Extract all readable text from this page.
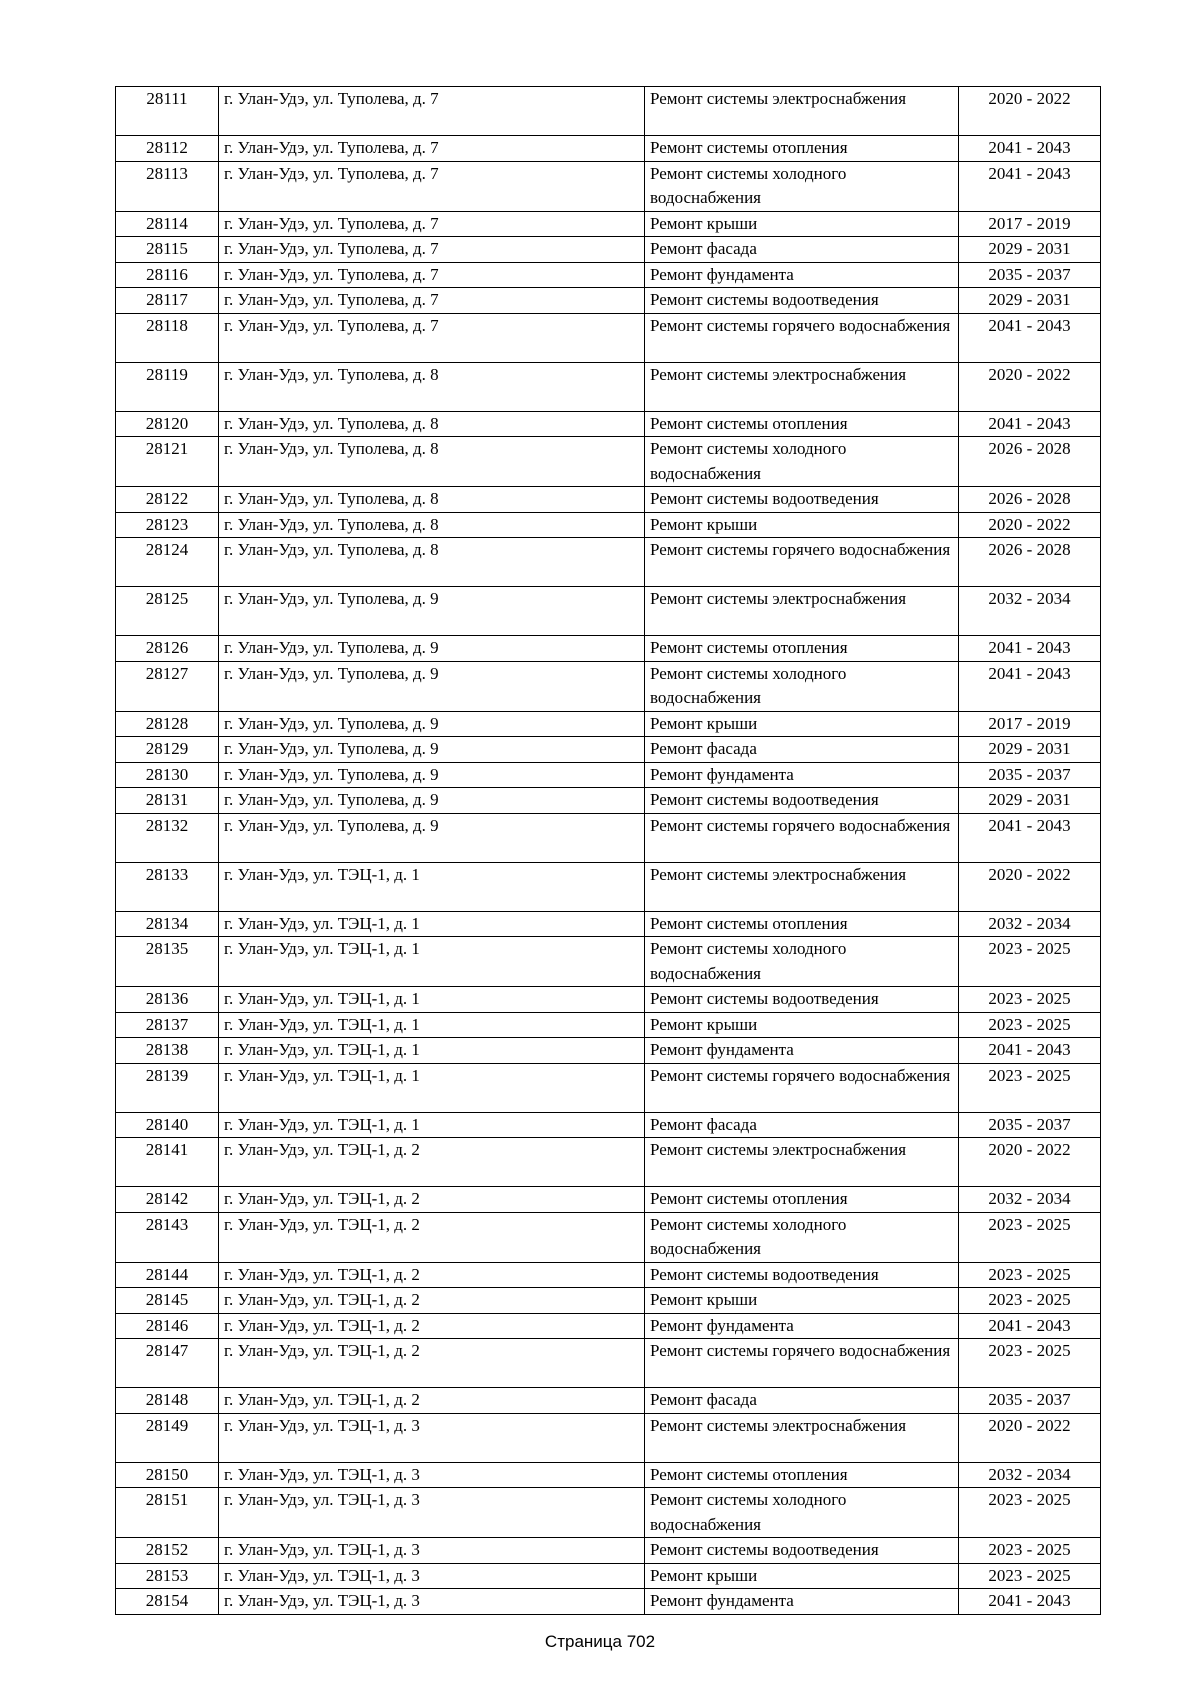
28111	г. Улан-Удэ, ул. Туполева, д. 7	Ремонт системы электроснабжения	2020 - 2022
28112	г. Улан-Удэ, ул. Туполева, д. 7	Ремонт системы отопления	2041 - 2043
28113	г. Улан-Удэ, ул. Туполева, д. 7	Ремонт системы холодного водоснабжения	2041 - 2043
28114	г. Улан-Удэ, ул. Туполева, д. 7	Ремонт крыши	2017 - 2019
28115	г. Улан-Удэ, ул. Туполева, д. 7	Ремонт фасада	2029 - 2031
28116	г. Улан-Удэ, ул. Туполева, д. 7	Ремонт фундамента	2035 - 2037
28117	г. Улан-Удэ, ул. Туполева, д. 7	Ремонт системы водоотведения	2029 - 2031
28118	г. Улан-Удэ, ул. Туполева, д. 7	Ремонт системы горячего водоснабжения	2041 - 2043
28119	г. Улан-Удэ, ул. Туполева, д. 8	Ремонт системы электроснабжения	2020 - 2022
28120	г. Улан-Удэ, ул. Туполева, д. 8	Ремонт системы отопления	2041 - 2043
28121	г. Улан-Удэ, ул. Туполева, д. 8	Ремонт системы холодного водоснабжения	2026 - 2028
28122	г. Улан-Удэ, ул. Туполева, д. 8	Ремонт системы водоотведения	2026 - 2028
28123	г. Улан-Удэ, ул. Туполева, д. 8	Ремонт крыши	2020 - 2022
28124	г. Улан-Удэ, ул. Туполева, д. 8	Ремонт системы горячего водоснабжения	2026 - 2028
28125	г. Улан-Удэ, ул. Туполева, д. 9	Ремонт системы электроснабжения	2032 - 2034
28126	г. Улан-Удэ, ул. Туполева, д. 9	Ремонт системы отопления	2041 - 2043
28127	г. Улан-Удэ, ул. Туполева, д. 9	Ремонт системы холодного водоснабжения	2041 - 2043
28128	г. Улан-Удэ, ул. Туполева, д. 9	Ремонт крыши	2017 - 2019
28129	г. Улан-Удэ, ул. Туполева, д. 9	Ремонт фасада	2029 - 2031
28130	г. Улан-Удэ, ул. Туполева, д. 9	Ремонт фундамента	2035 - 2037
28131	г. Улан-Удэ, ул. Туполева, д. 9	Ремонт системы водоотведения	2029 - 2031
28132	г. Улан-Удэ, ул. Туполева, д. 9	Ремонт системы горячего водоснабжения	2041 - 2043
28133	г. Улан-Удэ, ул. ТЭЦ-1, д. 1	Ремонт системы электроснабжения	2020 - 2022
28134	г. Улан-Удэ, ул. ТЭЦ-1, д. 1	Ремонт системы отопления	2032 - 2034
28135	г. Улан-Удэ, ул. ТЭЦ-1, д. 1	Ремонт системы холодного водоснабжения	2023 - 2025
28136	г. Улан-Удэ, ул. ТЭЦ-1, д. 1	Ремонт системы водоотведения	2023 - 2025
28137	г. Улан-Удэ, ул. ТЭЦ-1, д. 1	Ремонт крыши	2023 - 2025
28138	г. Улан-Удэ, ул. ТЭЦ-1, д. 1	Ремонт фундамента	2041 - 2043
28139	г. Улан-Удэ, ул. ТЭЦ-1, д. 1	Ремонт системы горячего водоснабжения	2023 - 2025
28140	г. Улан-Удэ, ул. ТЭЦ-1, д. 1	Ремонт фасада	2035 - 2037
28141	г. Улан-Удэ, ул. ТЭЦ-1, д. 2	Ремонт системы электроснабжения	2020 - 2022
28142	г. Улан-Удэ, ул. ТЭЦ-1, д. 2	Ремонт системы отопления	2032 - 2034
28143	г. Улан-Удэ, ул. ТЭЦ-1, д. 2	Ремонт системы холодного водоснабжения	2023 - 2025
28144	г. Улан-Удэ, ул. ТЭЦ-1, д. 2	Ремонт системы водоотведения	2023 - 2025
28145	г. Улан-Удэ, ул. ТЭЦ-1, д. 2	Ремонт крыши	2023 - 2025
28146	г. Улан-Удэ, ул. ТЭЦ-1, д. 2	Ремонт фундамента	2041 - 2043
28147	г. Улан-Удэ, ул. ТЭЦ-1, д. 2	Ремонт системы горячего водоснабжения	2023 - 2025
28148	г. Улан-Удэ, ул. ТЭЦ-1, д. 2	Ремонт фасада	2035 - 2037
28149	г. Улан-Удэ, ул. ТЭЦ-1, д. 3	Ремонт системы электроснабжения	2020 - 2022
28150	г. Улан-Удэ, ул. ТЭЦ-1, д. 3	Ремонт системы отопления	2032 - 2034
28151	г. Улан-Удэ, ул. ТЭЦ-1, д. 3	Ремонт системы холодного водоснабжения	2023 - 2025
28152	г. Улан-Удэ, ул. ТЭЦ-1, д. 3	Ремонт системы водоотведения	2023 - 2025
28153	г. Улан-Удэ, ул. ТЭЦ-1, д. 3	Ремонт крыши	2023 - 2025
28154	г. Улан-Удэ, ул. ТЭЦ-1, д. 3	Ремонт фундамента	2041 - 2043
Страница 702
